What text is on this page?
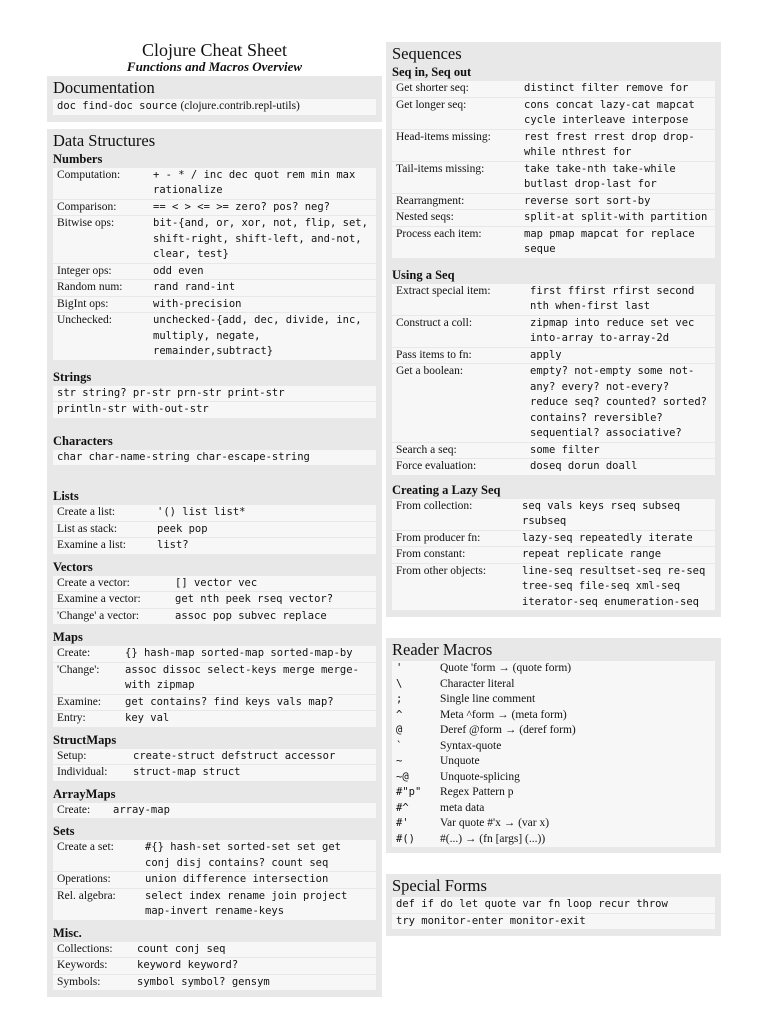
Clojure Cheat Sheet
Functions and Macros Overview
Documentation
doc find-doc source (clojure.contrib.repl-utils)
Data Structures
Numbers
Computation:	+ - * / inc dec quot rem min max rationalize
Comparison:	== < > <= >= zero? pos? neg?
Bitwise ops:	bit-{and, or, xor, not, flip, set, shift-right, shift-left, and-not, clear, test}
Integer ops:	odd even
Random num:	rand rand-int
BigInt ops:	with-precision
Unchecked:	unchecked-{add, dec, divide, inc, multiply, negate, remainder,subtract}
Strings
str string? pr-str prn-str print-str
println-str with-out-str
Characters
char char-name-string char-escape-string
Lists
Create a list:	'() list list*
List as stack:	peek pop
Examine a list:	list?
Vectors
Create a vector:	[] vector vec
Examine a vector:	get nth peek rseq vector?
'Change' a vector:	assoc pop subvec replace
Maps
Create:	{} hash-map sorted-map sorted-map-by
'Change':	assoc dissoc select-keys merge merge-with zipmap
Examine:	get contains? find keys vals map?
Entry:	key val
StructMaps
Setup:	create-struct defstruct accessor
Individual:	struct-map struct
ArrayMaps
Create:	array-map
Sets
Create a set:	#{} hash-set sorted-set set get conj disj contains? count seq
Operations:	union difference intersection
Rel. algebra:	select index rename join project map-invert rename-keys
Misc.
Collections:	count conj seq
Keywords:	keyword keyword?
Symbols:	symbol symbol? gensym
Sequences
Seq in, Seq out
Get shorter seq:	distinct filter remove for
Get longer seq:	cons concat lazy-cat mapcat cycle interleave interpose
Head-items missing:	rest frest rrest drop drop-while nthrest for
Tail-items missing:	take take-nth take-while butlast drop-last for
Rearrangment:	reverse sort sort-by
Nested seqs:	split-at split-with partition
Process each item:	map pmap mapcat for replace seque
Using a Seq
Extract special item:	first ffirst rfirst second nth when-first last
Construct a coll:	zipmap into reduce set vec into-array to-array-2d
Pass items to fn:	apply
Get a boolean:	empty? not-empty some not-any? every? not-every? reduce seq? counted? sorted? contains? reversible? sequential? associative?
Search a seq:	some filter
Force evaluation:	doseq dorun doall
Creating a Lazy Seq
From collection:	seq vals keys rseq subseq rsubseq
From producer fn:	lazy-seq repeatedly iterate
From constant:	repeat replicate range
From other objects:	line-seq resultset-seq re-seq tree-seq file-seq xml-seq iterator-seq enumeration-seq
Reader Macros
'	Quote 'form → (quote form)
\	Character literal
;	Single line comment
^	Meta ^form → (meta form)
@	Deref @form → (deref form)
`	Syntax-quote
~	Unquote
~@	Unquote-splicing
#"p"	Regex Pattern p
#^	meta data
#'	Var quote #'x → (var x)
#()	#(...) → (fn [args] (...))
Special Forms
def if do let quote var fn loop recur throw
try monitor-enter monitor-exit
